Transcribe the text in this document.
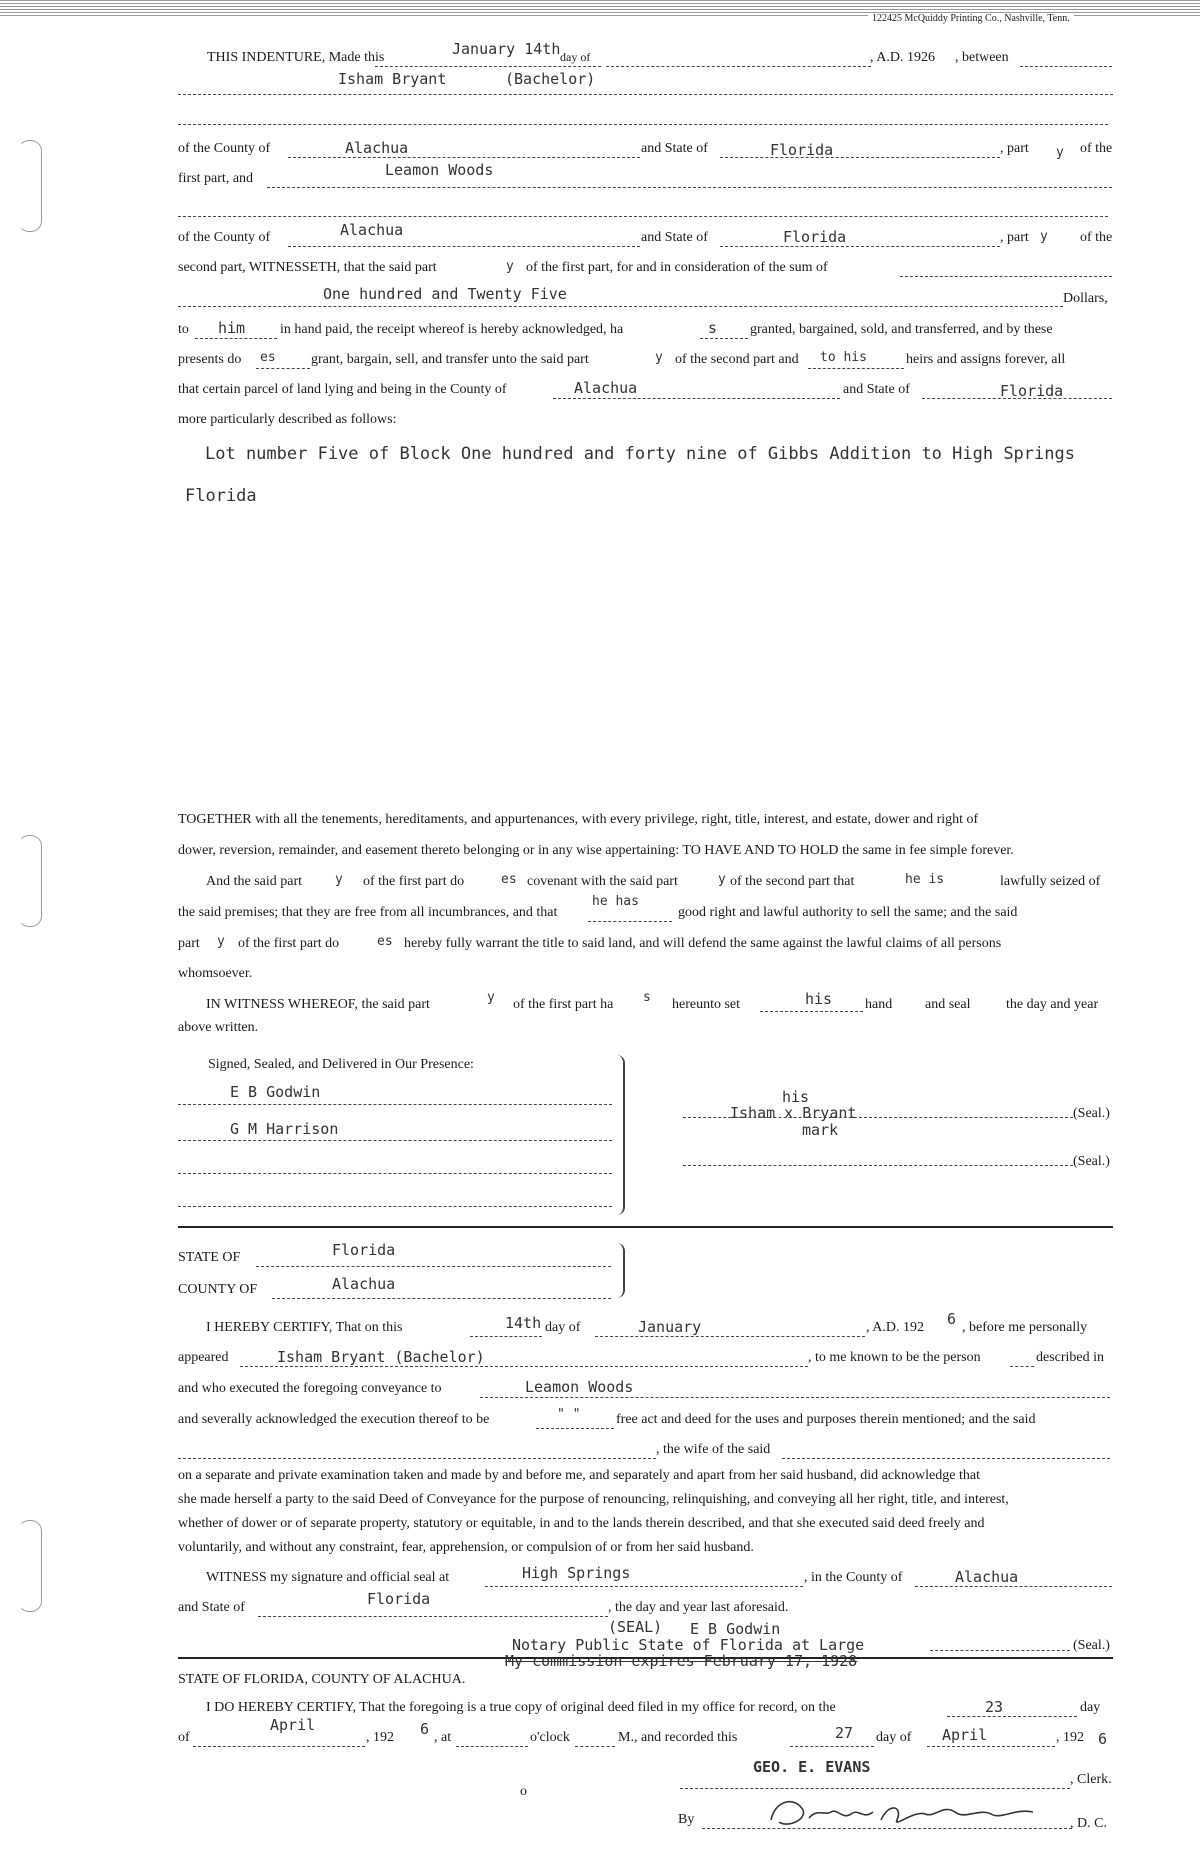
122425 McQuiddy Printing Co., Nashville, Tenn.
THIS INDENTURE, Made this	January 14th day of	, A.D. 1926 , between
Isham Bryant	(Bachelor)
of the County of	Alachua	and State of	Florida	, part y of the
first part, and	Leamon Woods
of the County of	Alachua	and State of	Florida	, part y of the
second part, WITNESSETH, that the said part	y of the first part, for and in consideration of the sum of
One hundred and Twenty Five	Dollars,
to him in hand paid, the receipt whereof is hereby acknowledged, ha	s granted, bargained, sold, and transferred, and by these
presents do es	grant, bargain, sell, and transfer unto the said part	y of the second part and to his	heirs and assigns forever, all
that certain parcel of land lying and being in the County of	Alachua	and State of	Florida
more particularly described as follows:
Lot number Five of Block One hundred and forty nine of Gibbs Addition to High Springs
Florida
TOGETHER with all the tenements, hereditaments, and appurtenances, with every privilege, right, title, interest, and estate, dower and right of
dower, reversion, remainder, and easement thereto belonging or in any wise appertaining: TO HAVE AND TO HOLD the same in fee simple forever.
And the said part	y of the first part do	es covenant with the said part	y of the second part that	he is	lawfully seized of
the said premises; that they are free from all incumbrances, and that
he has
good right and lawful authority to sell the same; and the said
part y of the first part do	es hereby fully warrant the title to said land, and will defend the same against the lawful claims of all persons
whomsoever.
IN WITNESS WHEREOF, the said part	y of the first part ha s hereunto set	his hand and seal	the day and year
above written.
Signed, Sealed, and Delivered in Our Presence:
E B Godwin
G M Harrison
his
Isham x Bryant	(Seal.)
mark
(Seal.)
STATE OF	Florida
COUNTY OF	Alachua
I HEREBY CERTIFY, That on this	14th day of	January	, A.D. 192 6 , before me personally
appeared	Isham Bryant (Bachelor)	, to me known to be the person	described in
and who executed the foregoing conveyance to	Leamon Woods
and severally acknowledged the execution thereof to be	" "	free act and deed for the uses and purposes therein mentioned; and the said
, the wife of the said
on a separate and private examination taken and made by and before me, and separately and apart from her said husband, did acknowledge that
she made herself a party to the said Deed of Conveyance for the purpose of renouncing, relinquishing, and conveying all her right, title, and interest,
whether of dower or of separate property, statutory or equitable, in and to the lands therein described, and that she executed said deed freely and
voluntarily, and without any constraint, fear, apprehension, or compulsion of or from her said husband.
WITNESS my signature and official seal at	High Springs	, in the County of	Alachua
and State of	Florida	, the day and year last aforesaid.
(SEAL) E B Godwin
Notary Public State of Florida at Large	(Seal.)
My commission expires February 17, 1928
STATE OF FLORIDA, COUNTY OF ALACHUA.
I DO HEREBY CERTIFY, That the foregoing is a true copy of original deed filed in my office for record, on the	23	day
of
April
, 192 6 , at	o'clock	M., and recorded this	27 day of April	, 192 6
GEO. E. EVANS
, Clerk.
o
By	, D. C.
